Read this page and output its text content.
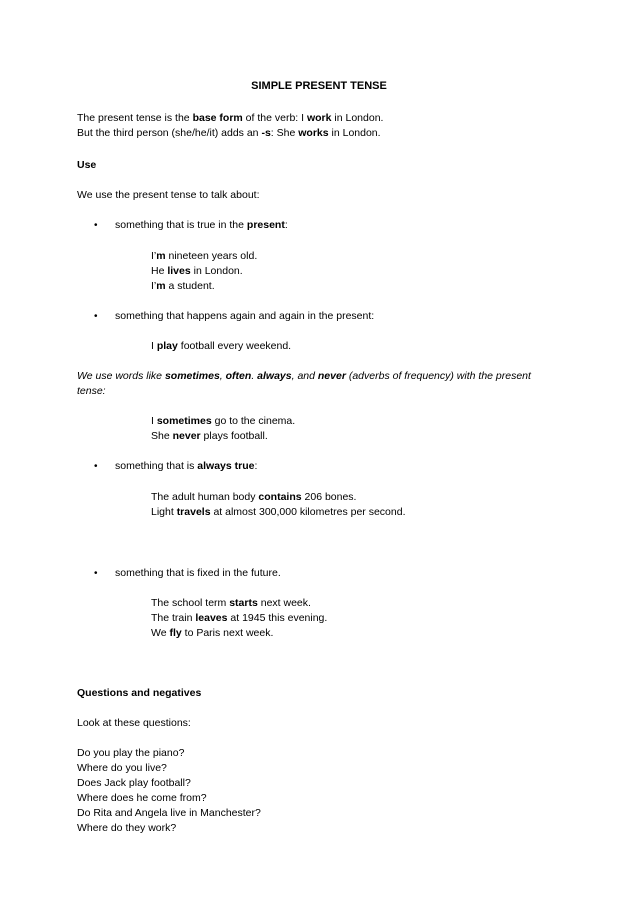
SIMPLE PRESENT TENSE
The present tense is the base form of the verb: I work in London.
But the third person (she/he/it) adds an -s: She works in London.
Use
We use the present tense to talk about:
• something that is true in the present:
I’m nineteen years old.
He lives in London.
I’m a student.
• something that happens again and again in the present:
I play football every weekend.
We use words like sometimes, often. always, and never (adverbs of frequency) with the present
tense:
I sometimes go to the cinema.
She never plays football.
• something that is always true:
The adult human body contains 206 bones.
Light travels at almost 300,000 kilometres per second.
• something that is fixed in the future.
The school term starts next week.
The train leaves at 1945 this evening.
We fly to Paris next week.
Questions and negatives
Look at these questions:
Do you play the piano?
Where do you live?
Does Jack play football?
Where does he come from?
Do Rita and Angela live in Manchester?
Where do they work?
